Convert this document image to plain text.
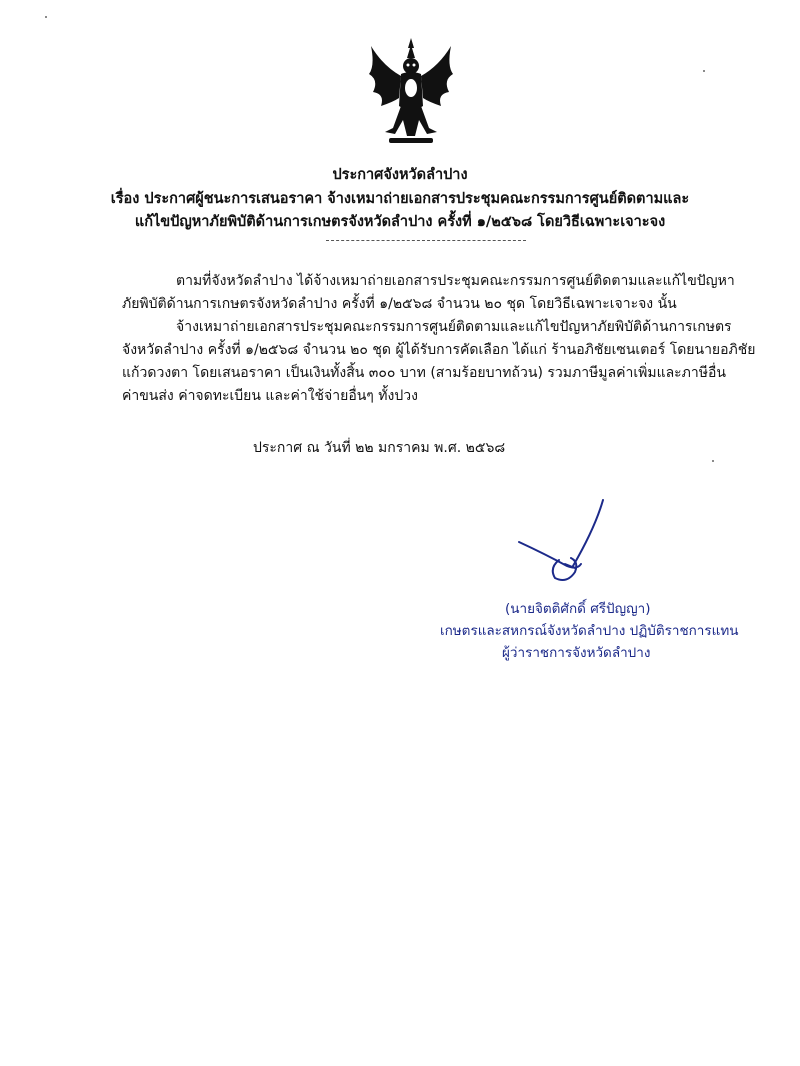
ประกาศจังหวัดลำปาง
เรื่อง ประกาศผู้ชนะการเสนอราคา จ้างเหมาถ่ายเอกสารประชุมคณะกรรมการศูนย์ติดตามและ
แก้ไขปัญหาภัยพิบัติด้านการเกษตรจังหวัดลำปาง ครั้งที่ ๑/๒๕๖๘ โดยวิธีเฉพาะเจาะจง
ตามที่จังหวัดลำปาง ได้จ้างเหมาถ่ายเอกสารประชุมคณะกรรมการศูนย์ติดตามและแก้ไขปัญหา
ภัยพิบัติด้านการเกษตรจังหวัดลำปาง ครั้งที่ ๑/๒๕๖๘ จำนวน ๒๐ ชุด โดยวิธีเฉพาะเจาะจง นั้น
จ้างเหมาถ่ายเอกสารประชุมคณะกรรมการศูนย์ติดตามและแก้ไขปัญหาภัยพิบัติด้านการเกษตร
จังหวัดลำปาง ครั้งที่ ๑/๒๕๖๘ จำนวน ๒๐ ชุด ผู้ได้รับการคัดเลือก ได้แก่ ร้านอภิชัยเซนเตอร์ โดยนายอภิชัย
แก้วดวงตา โดยเสนอราคา เป็นเงินทั้งสิ้น ๓๐๐ บาท (สามร้อยบาทถ้วน) รวมภาษีมูลค่าเพิ่มและภาษีอื่น
ค่าขนส่ง ค่าจดทะเบียน และค่าใช้จ่ายอื่นๆ ทั้งปวง
ประกาศ ณ วันที่ ๒๒ มกราคม พ.ศ. ๒๕๖๘
(นายจิตติศักดิ์ ศรีปัญญา)
เกษตรและสหกรณ์จังหวัดลำปาง ปฏิบัติราชการแทน
ผู้ว่าราชการจังหวัดลำปาง
